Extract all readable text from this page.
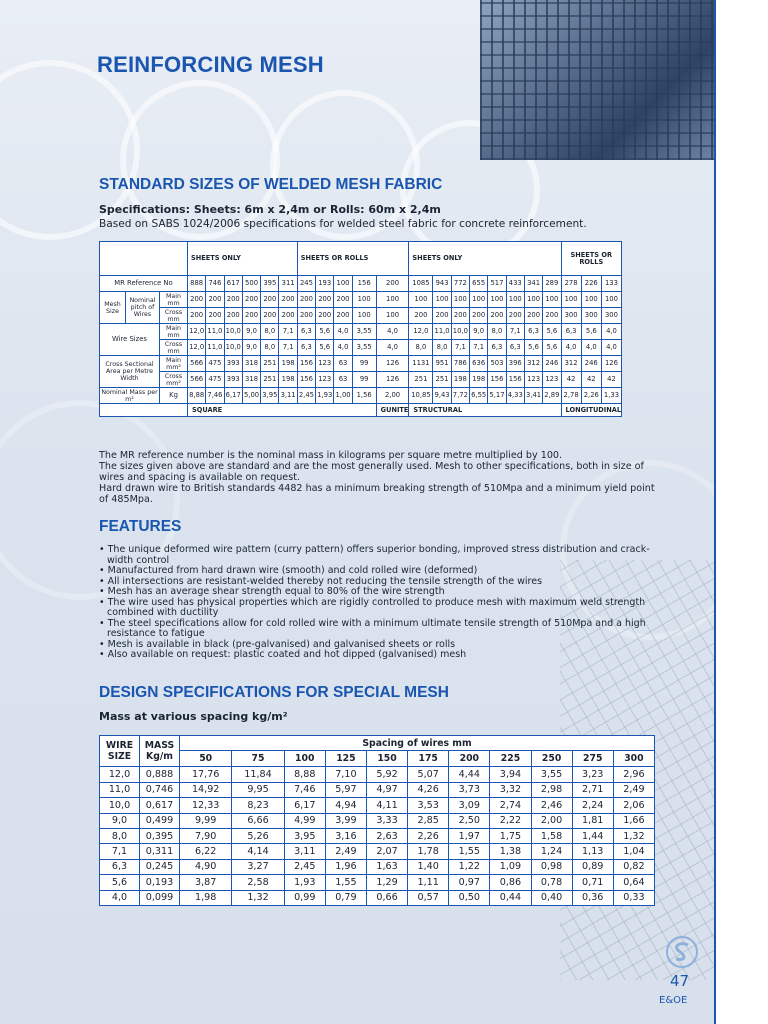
REINFORCING MESH
STANDARD SIZES OF WELDED MESH FABRIC
Specifications: Sheets: 6m x 2,4m or Rolls: 60m x 2,4m
Based on SABS 1024/2006 specifications for welded steel fabric for concrete reinforcement.
			SHEETS ONLY						SHEETS OR ROLLS					SHEETS ONLY								SHEETS OR ROLLS		
MR Reference No			888	746	617	500	395	311	245	193	100	156	200	1085	943	772	655	517	433	341	289	278	226	133
Mesh Size	Nominal pitch of Wires	Main mm	200	200	200	200	200	200	200	200	200	100	100	100	100	100	100	100	100	100	100	100	100	100
		Cross mm	200	200	200	200	200	200	200	200	200	100	100	200	200	200	200	200	200	200	200	300	300	300
Wire Sizes		Main mm	12,0	11,0	10,0	9,0	8,0	7,1	6,3	5,6	4,0	3,55	4,0	12,0	11,0	10,0	9,0	8,0	7,1	6,3	5,6	6,3	5,6	4,0
		Cross mm	12,0	11,0	10,0	9,0	8,0	7,1	6,3	5,6	4,0	3,55	4,0	8,0	8,0	7,1	7,1	6,3	6,3	5,6	5,6	4,0	4,0	4,0
Cross Sectional Area per Metre Width		Main mm²	566	475	393	318	251	198	156	123	63	99	126	1131	951	786	636	503	396	312	246	312	246	126
		Cross mm²	566	475	393	318	251	198	156	123	63	99	126	251	251	198	198	156	156	123	123	42	42	42
Nominal Mass per m²		Kg	8,88	7,46	6,17	5,00	3,95	3,11	2,45	1,93	1,00	1,56	2,00	10,85	9,43	7,72	6,55	5,17	4,33	3,41	2,89	2,78	2,26	1,33
			SQUARE										GUNITE	STRUCTURAL								LONGITUDINAL		
The MR reference number is the nominal mass in kilograms per square metre multiplied by 100.
The sizes given above are standard and are the most generally used. Mesh to other specifications, both in size of wires and spacing is available on request.
Hard drawn wire to British standards 4482 has a minimum breaking strength of 510Mpa and a minimum yield point of 485Mpa.
FEATURES
• The unique deformed wire pattern (curry pattern) offers superior bonding, improved stress distribution and crack-width control
• Manufactured from hard drawn wire (smooth) and cold rolled wire (deformed)
• All intersections are resistant-welded thereby not reducing the tensile strength of the wires
• Mesh has an average shear strength equal to 80% of the wire strength
• The wire used has physical properties which are rigidly controlled to produce mesh with maximum weld strength combined with ductility
• The steel specifications allow for cold rolled wire with a minimum ultimate tensile strength of 510Mpa and a high resistance to fatigue
• Mesh is available in black (pre-galvanised) and galvanised sheets or rolls
• Also available on request: plastic coated and hot dipped (galvanised) mesh
DESIGN SPECIFICATIONS FOR SPECIAL MESH
Mass at various spacing kg/m²
WIRE SIZE	MASS Kg/m	Spacing of wires mm										
		50	75	100	125	150	175	200	225	250	275	300
12,0	0,888	17,76	11,84	8,88	7,10	5,92	5,07	4,44	3,94	3,55	3,23	2,96
11,0	0,746	14,92	9,95	7,46	5,97	4,97	4,26	3,73	3,32	2,98	2,71	2,49
10,0	0,617	12,33	8,23	6,17	4,94	4,11	3,53	3,09	2,74	2,46	2,24	2,06
9,0	0,499	9,99	6,66	4,99	3,99	3,33	2,85	2,50	2,22	2,00	1,81	1,66
8,0	0,395	7,90	5,26	3,95	3,16	2,63	2,26	1,97	1,75	1,58	1,44	1,32
7,1	0,311	6,22	4,14	3,11	2,49	2,07	1,78	1,55	1,38	1,24	1,13	1,04
6,3	0,245	4,90	3,27	2,45	1,96	1,63	1,40	1,22	1,09	0,98	0,89	0,82
5,6	0,193	3,87	2,58	1,93	1,55	1,29	1,11	0,97	0,86	0,78	0,71	0,64
4,0	0,099	1,98	1,32	0,99	0,79	0,66	0,57	0,50	0,44	0,40	0,36	0,33
47
E&OE
